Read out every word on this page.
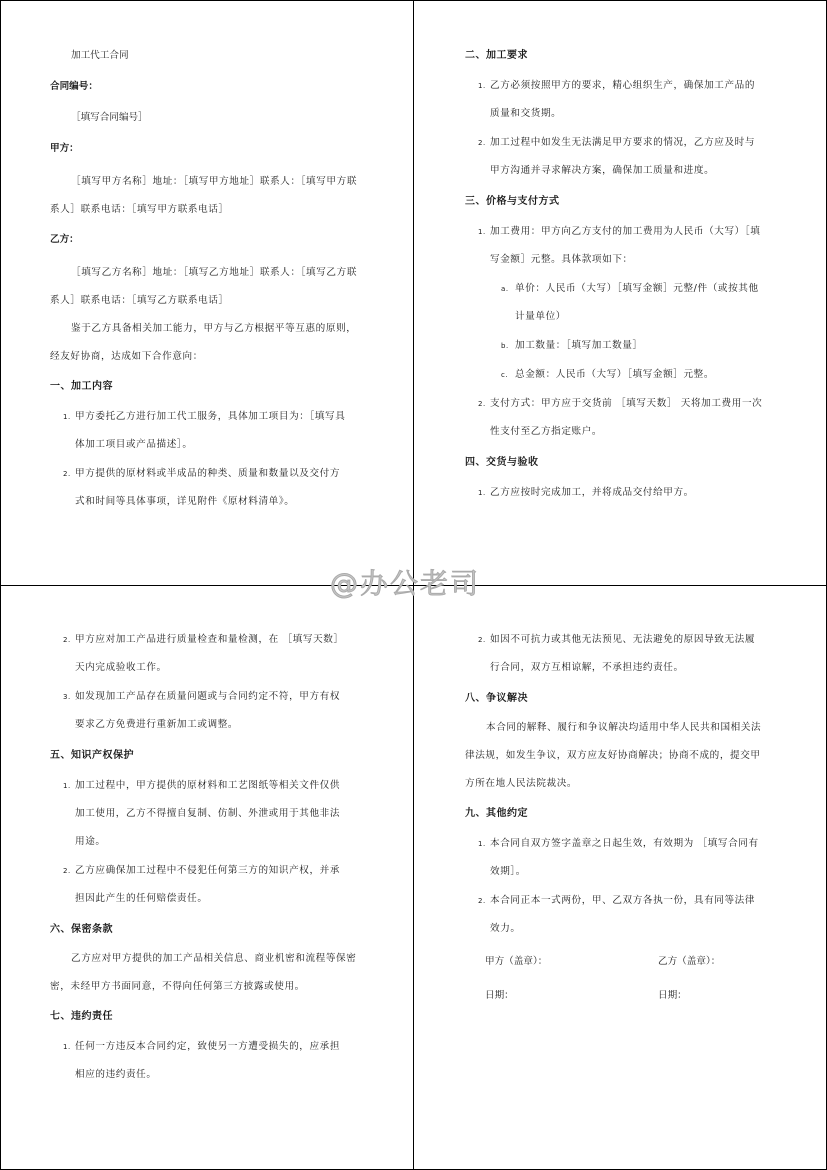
加工代工合同
合同编号：
［填写合同编号］
甲方：
［填写甲方名称］地址：［填写甲方地址］联系人：［填写甲方联
系人］联系电话：［填写甲方联系电话］
乙方：
［填写乙方名称］地址：［填写乙方地址］联系人：［填写乙方联
系人］联系电话：［填写乙方联系电话］
鉴于乙方具备相关加工能力，甲方与乙方根据平等互惠的原则，
经友好协商，达成如下合作意向：
一、加工内容
1. 甲方委托乙方进行加工代工服务，具体加工项目为：［填写具
体加工项目或产品描述］。
2. 甲方提供的原材料或半成品的种类、质量和数量以及交付方
式和时间等具体事项，详见附件《原材料清单》。
二、加工要求
1. 乙方必须按照甲方的要求，精心组织生产，确保加工产品的
质量和交货期。
2. 加工过程中如发生无法满足甲方要求的情况，乙方应及时与
甲方沟通并寻求解决方案，确保加工质量和进度。
三、价格与支付方式
1. 加工费用：甲方向乙方支付的加工费用为人民币（大写）［填
写金额］元整。具体款项如下：
a. 单价：人民币（大写）［填写金额］元整/件（或按其他
计量单位）
b. 加工数量：［填写加工数量］
c. 总金额：人民币（大写）［填写金额］元整。
2. 支付方式：甲方应于交货前 ［填写天数］ 天将加工费用一次
性支付至乙方指定账户。
四、交货与验收
1. 乙方应按时完成加工，并将成品交付给甲方。
2. 甲方应对加工产品进行质量检查和量检测，在 ［填写天数］
天内完成验收工作。
3. 如发现加工产品存在质量问题或与合同约定不符，甲方有权
要求乙方免费进行重新加工或调整。
五、知识产权保护
1. 加工过程中，甲方提供的原材料和工艺图纸等相关文件仅供
加工使用，乙方不得擅自复制、仿制、外泄或用于其他非法
用途。
2. 乙方应确保加工过程中不侵犯任何第三方的知识产权，并承
担因此产生的任何赔偿责任。
六、保密条款
乙方应对甲方提供的加工产品相关信息、商业机密和流程等保密
密，未经甲方书面同意，不得向任何第三方披露或使用。
七、违约责任
1. 任何一方违反本合同约定，致使另一方遭受损失的，应承担
相应的违约责任。
2. 如因不可抗力或其他无法预见、无法避免的原因导致无法履
行合同，双方互相谅解，不承担违约责任。
八、争议解决
本合同的解释、履行和争议解决均适用中华人民共和国相关法
律法规，如发生争议，双方应友好协商解决；协商不成的，提交甲
方所在地人民法院裁决。
九、其他约定
1. 本合同自双方签字盖章之日起生效，有效期为 ［填写合同有
效期］。
2. 本合同正本一式两份，甲、乙双方各执一份，具有同等法律
效力。
甲方（盖章）：	乙方（盖章）：
日期：	日期：
@办公老司
